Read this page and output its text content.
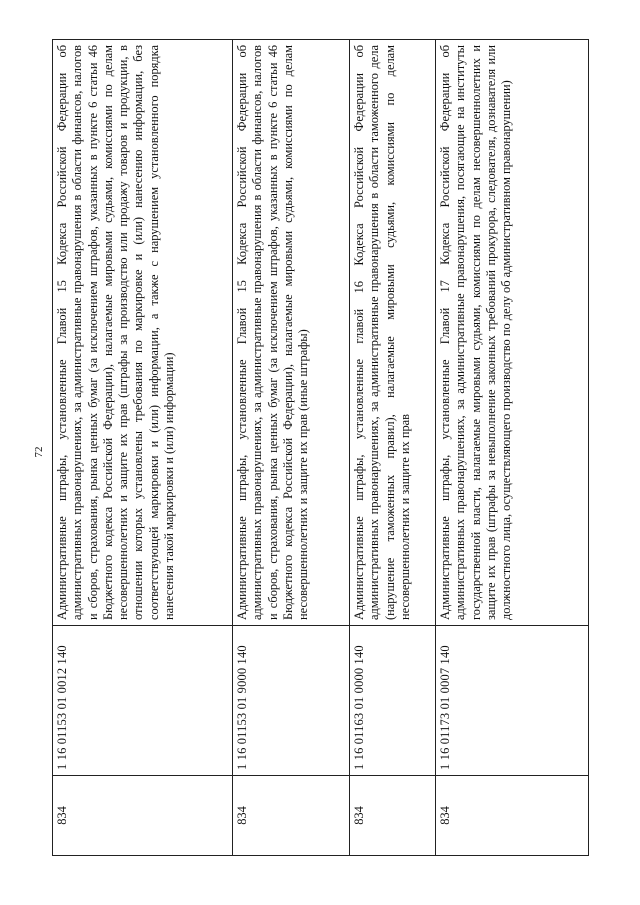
72
834	1 16 01153 01 0012 140	Административные штрафы, установленные Главой 15 Кодекса Российской Федерации об административных правонарушениях, за административные правонарушения в области финансов, налогов и сборов, страхования, рынка ценных бумаг (за исключением штрафов, указанных в пункте 6 статьи 46 Бюджетного кодекса Российской Федерации), налагаемые мировыми судьями, комиссиями по делам несовершеннолетних и защите их прав (штрафы за производство или продажу товаров и продукции, в отношении которых установлены требования по маркировке и (или) нанесению информации, без соответствующей маркировки и (или) информации, а также с нарушением установленного порядка нанесения такой маркировки и (или) информации)
834	1 16 01153 01 9000 140	Административные штрафы, установленные Главой 15 Кодекса Российской Федерации об административных правонарушениях, за административные правонарушения в области финансов, налогов и сборов, страхования, рынка ценных бумаг (за исключением штрафов, указанных в пункте 6 статьи 46 Бюджетного кодекса Российской Федерации), налагаемые мировыми судьями, комиссиями по делам несовершеннолетних и защите их прав (иные штрафы)
834	1 16 01163 01 0000 140	Административные штрафы, установленные главой 16 Кодекса Российской Федерации об административных правонарушениях, за административные правонарушения в области таможенного дела (нарушение таможенных правил), налагаемые мировыми судьями, комиссиями по делам несовершеннолетних и защите их прав
834	1 16 01173 01 0007 140	Административные штрафы, установленные Главой 17 Кодекса Российской Федерации об административных правонарушениях, за административные правонарушения, посягающие на институты государственной власти, налагаемые мировыми судьями, комиссиями по делам несовершеннолетних и защите их прав (штрафы за невыполнение законных требований прокурора, следователя, дознавателя или должностного лица, осуществляющего производство по делу об административном правонарушении)
